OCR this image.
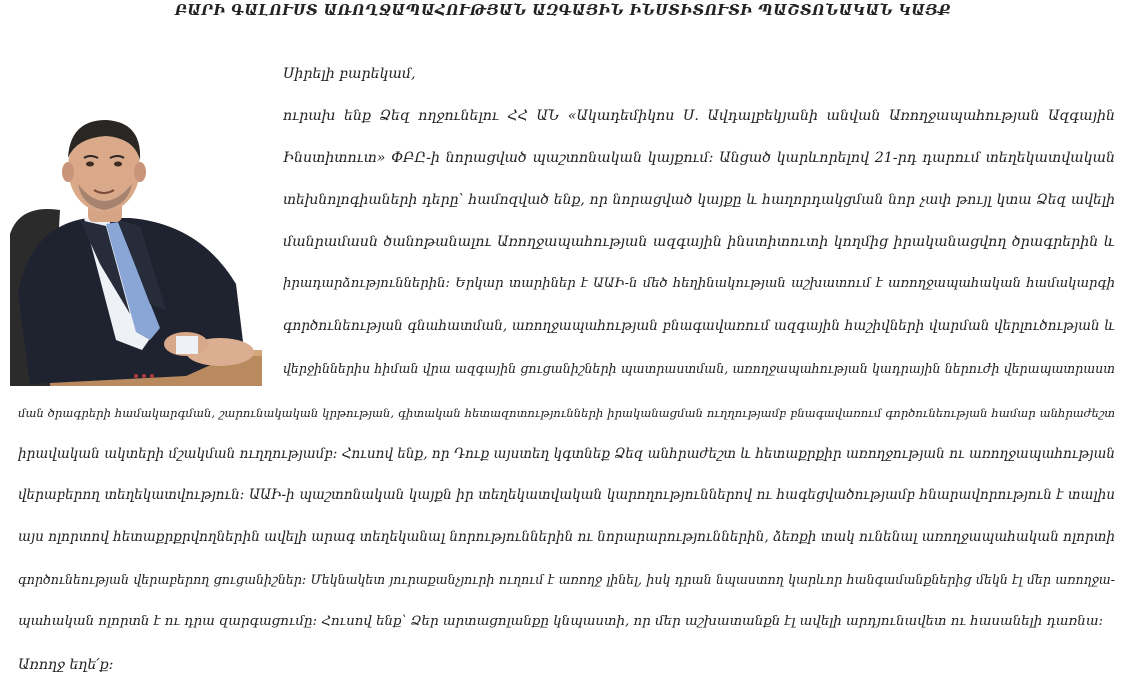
ԲԱՐԻ ԳԱԼՈՒՍՏ ԱՌՈՂՋԱՊԱՀՈՒԹՅԱՆ ԱԶԳԱՅԻՆ ԻՆՍՏԻՏՈՒՏԻ ՊԱՇՏՈՆԱԿԱՆ ԿԱՅՔ
Սիրելի բարեկամ,
ուրախ ենք Ձեզ ողջունելու ՀՀ ԱՆ «Ակադեմիկոս Ս. Ավդալբեկյանի անվան Առողջապահության Ազգային
Ինստիտուտ» ՓԲԸ-ի նորացված պաշտոնական կայքում: Անցած կարևորելով 21-րդ դարում տեղեկատվական
տեխնոլոգիաների դերը՝ համոզված ենք, որ նորացված կայքը և հաղորդակցման նոր չափ թույլ կտա Ձեզ ավելի
մանրամասն ծանոթանալու Առողջապահության ազգային ինստիտուտի կողմից իրականացվող ծրագրերին և
իրադարձություններին: Երկար տարիներ է ԱԱԻ-ն մեծ հեղինակության աշխատում է առողջապահական համակարգի
գործունեության գնահատման, առողջապահության բնագավառում ազգային հաշիվների վարման վերլուծության և
վերջիններիս հիման վրա ազգային ցուցանիշների պատրաստման, առողջապահության կադրային ներուժի վերապատրաստ
ման ծրագրերի համակարգման, շարունակական կրթության, գիտական հետազոտությունների իրականացման ուղղությամբ բնագավառում գործունեության համար անհրաժեշտ
իրավական ակտերի մշակման ուղղությամբ: Հուսով ենք, որ Դուք այստեղ կգտնեք Ձեզ անհրաժեշտ և հետաքրքիր առողջության ու առողջապահության
վերաբերող տեղեկատվություն: ԱԱԻ-ի պաշտոնական կայքն իր տեղեկատվական կարողություններով ու հագեցվածությամբ հնարավորություն է տալիս
այս ոլորտով հետաքրքրվողներին ավելի արագ տեղեկանալ նորություններին ու նորարարություններին, ձեռքի տակ ունենալ առողջապահական ոլորտի
գործունեության վերաբերող ցուցանիշներ: Մեկնակետ յուրաքանչյուրի ուղում է առողջ լինել, իսկ դրան նպաստող կարևոր հանգամանքներից մեկն էլ մեր առողջա-
պահական ոլորտն է ու դրա զարգացումը: Հուսով ենք՝ Ձեր արտացոլանքը կնպաստի, որ մեր աշխատանքն էլ ավելի արդյունավետ ու հասանելի դառնա:
Առողջ եղե՛ք:
